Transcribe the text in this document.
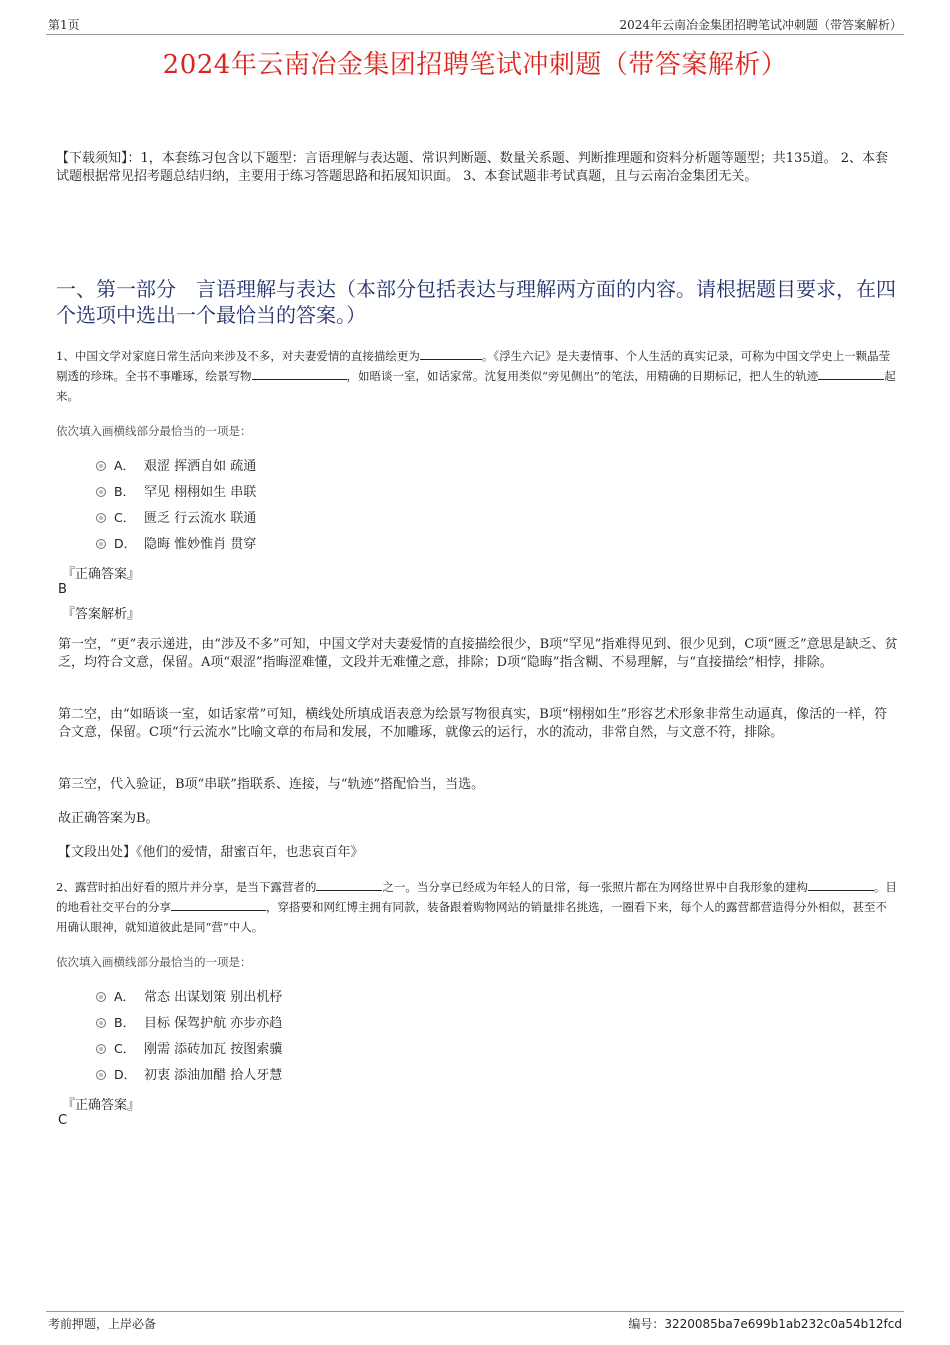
第1页	2024年云南冶金集团招聘笔试冲刺题（带答案解析）
2024年云南冶金集团招聘笔试冲刺题（带答案解析）
【下载须知】：1，本套练习包含以下题型：言语理解与表达题、常识判断题、数量关系题、判断推理题和资料分析题等题型；共135道。 2、本套试题根据常见招考题总结归纳，主要用于练习答题思路和拓展知识面。 3、本套试题非考试真题，且与云南冶金集团无关。
一、第一部分　言语理解与表达（本部分包括表达与理解两方面的内容。请根据题目要求，在四个选项中选出一个最恰当的答案。）
1、中国文学对家庭日常生活向来涉及不多，对夫妻爱情的直接描绘更为	。《浮生六记》是夫妻情事、个人生活的真实记录，可称为中国文学史上一颗晶莹剔透的珍珠。全书不事雕琢，绘景写物	，如晤谈一室，如话家常。沈复用类似“旁见侧出”的笔法，用精确的日期标记，把人生的轨迹	起来。
依次填入画横线部分最恰当的一项是：
A． 艰涩 挥洒自如 疏通
B． 罕见 栩栩如生 串联
C． 匮乏 行云流水 联通
D． 隐晦 惟妙惟肖 贯穿
『正确答案』
B
『答案解析』
第一空，“更”表示递进，由“涉及不多”可知，中国文学对夫妻爱情的直接描绘很少，B项“罕见”指难得见到、很少见到，C项“匮乏”意思是缺乏、贫乏，均符合文意，保留。A项“艰涩”指晦涩难懂，文段并无难懂之意，排除；D项“隐晦”指含糊、不易理解，与“直接描绘”相悖，排除。
第二空，由“如晤谈一室，如话家常”可知，横线处所填成语表意为绘景写物很真实，B项“栩栩如生”形容艺术形象非常生动逼真，像活的一样，符合文意，保留。C项“行云流水”比喻文章的布局和发展，不加雕琢，就像云的运行，水的流动，非常自然，与文意不符，排除。
第三空，代入验证，B项“串联”指联系、连接，与“轨迹”搭配恰当，当选。
故正确答案为B。
【文段出处】《他们的爱情，甜蜜百年，也悲哀百年》
2、露营时拍出好看的照片并分享，是当下露营者的	之一。当分享已经成为年轻人的日常，每一张照片都在为网络世界中自我形象的建构	。目的地看社交平台的分享	，穿搭要和网红博主拥有同款，装备跟着购物网站的销量排名挑选，一圈看下来，每个人的露营都营造得分外相似，甚至不用确认眼神，就知道彼此是同“营”中人。
依次填入画横线部分最恰当的一项是：
A． 常态 出谋划策 别出机杼
B． 目标 保驾护航 亦步亦趋
C． 刚需 添砖加瓦 按图索骥
D． 初衷 添油加醋 拾人牙慧
『正确答案』
C
考前押题，上岸必备	编号：3220085ba7e699b1ab232c0a54b12fcd
